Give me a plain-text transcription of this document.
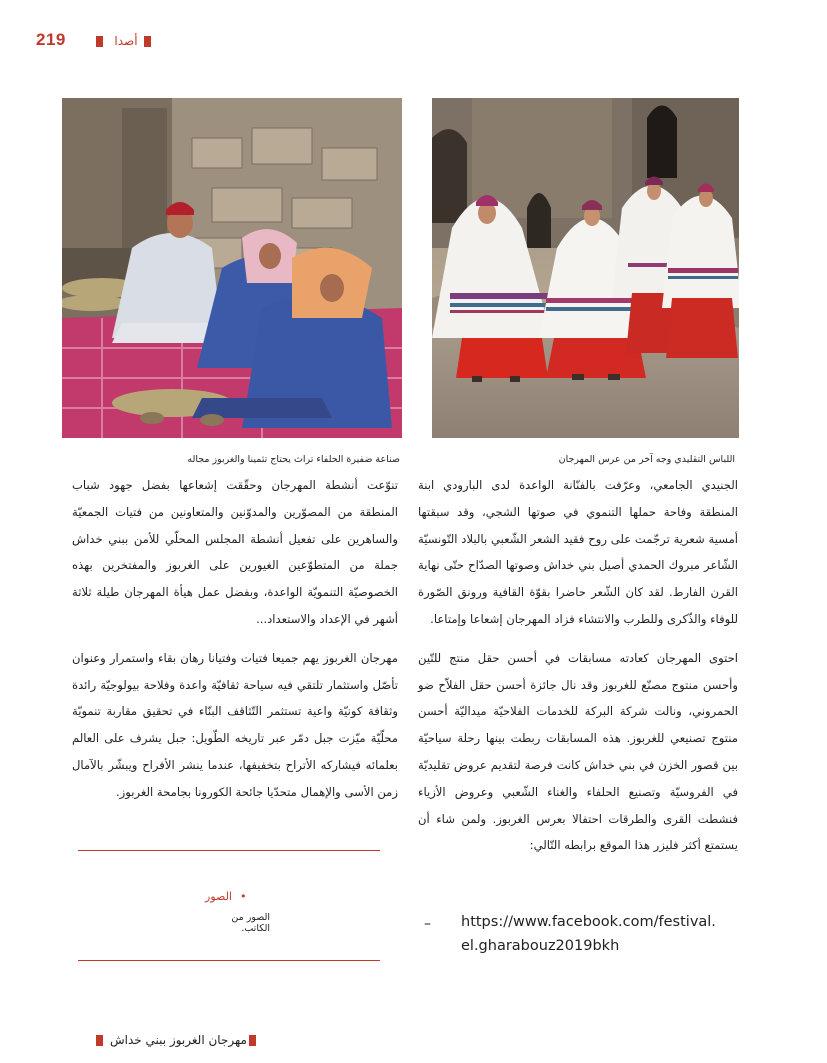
219	أصدا
اللباس التقليدي وجه آخر من عرس المهرجان
صناعة ضفيرة الحلفاء تراث يحتاج تثمينا والغربوز مجاله

الجنيدي الجامعي، وعرّفت بالفنّانة الواعدة لدى البارودي ابنة المنطقة وفاحة حملها التنموي في صوتها الشجي، وقد سبقتها أمسية شعرية ترجّمت على روح فقيد الشعر الشّعبي بالبلاد التّونسيّة الشّاعر مبروك الحمدي أصيل بني خداش وصوتها الصدّاح حتّى نهاية القرن الفارط. لقد كان الشّعر حاضرا بقوّة القافية ورونق الصّورة للوفاء والذّكرى وللطرب والانتشاء فزاد المهرجان إشعاعا وإمتاعا.

احتوى المهرجان كعادته مسابقات في أحسن حقل منتج للتّين وأحسن منتوج مصنّع للغربوز وقد نال جائزة أحسن حقل الفلاّح ضو الحمروني، ونالت شركة البركة للخدمات الفلاحيّة ميداليّة أحسن منتوج تصنيعي للغربوز. هذه المسابقات ربطت بينها رحلة سياحيّة بين قصور الخزن في بني خداش كانت فرصة لتقديم عروض تقليديّة في الفروسيّة وتصنيع الحلفاء والغناء الشّعبي وعروض الأزياء فنشطت القرى والطرقات احتفالا بعرس الغربوز. ولمن شاء أن يستمتع أكثر فليزر هذا الموقع برابطه التّالي:

– https://www.facebook.com/festival.
el.gharabouz2019bkh

تنوّعت أنشطة المهرجان وحقّقت إشعاعها بفضل جهود شباب المنطقة من المصوّرين والمدوّنين والمتعاونين من فتيات الجمعيّة والساهرين على تفعيل أنشطة المجلس المحلّي للأمن ببني خداش جملة من المتطوّعين الغيورين على الغربوز والمفتخرين بهذه الخصوصيّة التنمويّة الواعدة، وبفضل عمل هيأة المهرجان طيلة ثلاثة أشهر في الإعداد والاستعداد...

مهرجان الغربوز يهم جميعا فتيات وفتيانا رهان بقاء واستمرار وعنوان تأصّل واستثمار تلتقي فيه سياحة ثقافيّة واعدة وفلاحة بيولوجيّة رائدة وثقافة كونيّة واعية تستثمر التّثاقف البنّاء في تحقيق مقاربة تنمويّة محلّيّة ميّزت جبل دمّر عبر تاريخه الطّويل: جبل يشرف على العالم بعلمائه فيشاركه الأتراح بتخفيفها، عندما ينشر الأفراح ويبشّر بالآمال زمن الأسى والإهمال متحدّيا جائحة الكورونا بجامحة الغربوز.

•
الصور
الصور من الكاتب.
مهرجان الغربوز ببني خداش
